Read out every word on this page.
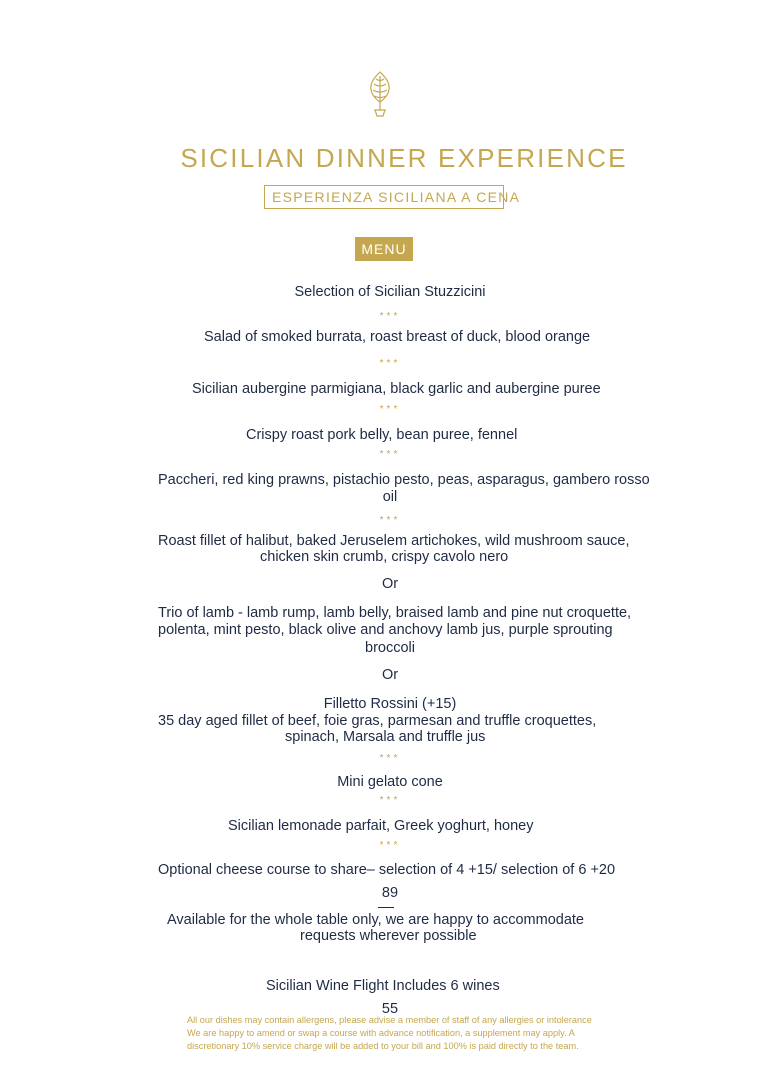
SICILIAN DINNER EXPERIENCE
ESPERIENZA SICILIANA A CENA
MENU
Selection of Sicilian Stuzzicini
***
Salad of smoked burrata, roast breast of duck, blood orange
***
Sicilian aubergine parmigiana, black garlic and aubergine puree
***
Crispy roast pork belly, bean puree, fennel
***
Paccheri, red king prawns, pistachio pesto, peas, asparagus, gambero rosso
oil
***
Roast fillet of halibut, baked Jeruselem artichokes, wild mushroom sauce,
chicken skin crumb, crispy cavolo nero
Or
Trio of lamb - lamb rump, lamb belly, braised lamb and pine nut croquette,
polenta, mint pesto, black olive and anchovy lamb jus, purple sprouting
broccoli
Or
Filletto Rossini (+15)
35 day aged fillet of beef, foie gras, parmesan and truffle croquettes,
spinach, Marsala and truffle jus
***
Mini gelato cone
***
Sicilian lemonade parfait, Greek yoghurt, honey
***
Optional cheese course to share– selection of 4 +15/ selection of 6 +20
89
Available for the whole table only, we are happy to accommodate
requests wherever possible
Sicilian Wine Flight Includes 6 wines
55
All our dishes may contain allergens, please advise a member of staff of any allergies or intolerance
We are happy to amend or swap a course with advance notification, a supplement may apply. A
discretionary 10% service charge will be added to your bill and 100% is paid directly to the team.
